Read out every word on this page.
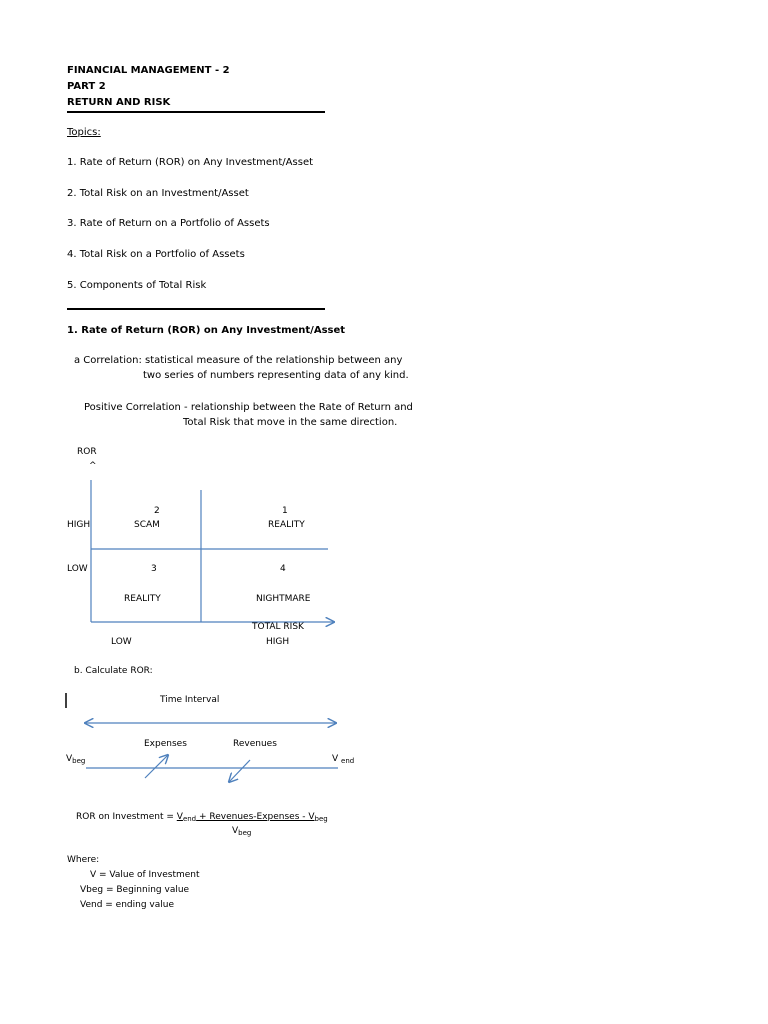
FINANCIAL MANAGEMENT - 2
PART 2
RETURN AND RISK
Topics:
1. Rate of Return (ROR) on Any Investment/Asset
2. Total Risk on an Investment/Asset
3. Rate of Return on a Portfolio of Assets
4. Total Risk on a Portfolio of Assets
5. Components of Total Risk
1. Rate of Return (ROR) on Any Investment/Asset
a Correlation: statistical measure of the relationship between any
two series of numbers representing data of any kind.
Positive Correlation - relationship between the Rate of Return and
Total Risk that move in the same direction.
ROR
^
HIGH
LOW
2
SCAM
1
REALITY
3
REALITY
4
NIGHTMARE
TOTAL RISK
LOW	HIGH
b. Calculate ROR:
Time Interval
Expenses	Revenues
$V_{beg}$	V $_{end}$
ROR on Investment = $V_{end}$ + Revenues-Expenses - $V_{beg}$
$V_{beg}$
Where:
V = Value of Investment
Vbeg = Beginning value
Vend = ending value
